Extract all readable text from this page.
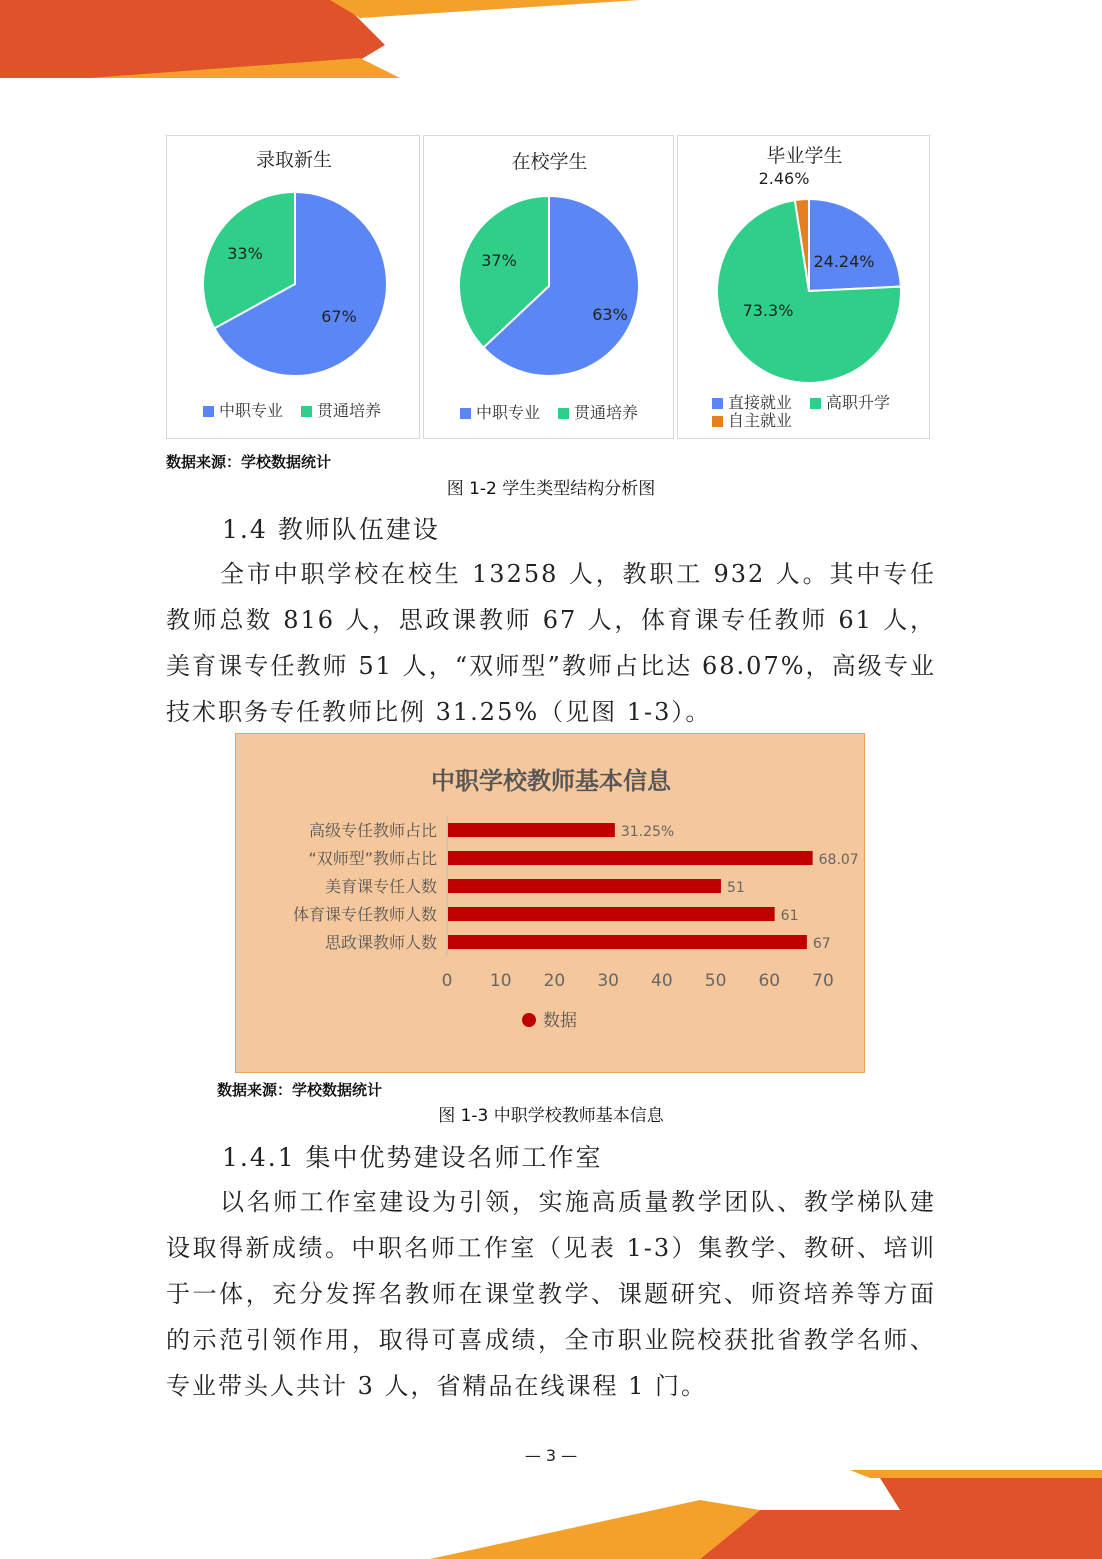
录取新生
67%
33%
中职专业 贯通培养
在校学生
63%
37%
中职专业 贯通培养
毕业学生
24.24%
73.3%
2.46%
直接就业 高职升学
自主就业
数据来源：学校数据统计
图 1-2 学生类型结构分析图
1.4 教师队伍建设

全市中职学校在校生 13258 人，教职工 932 人。其中专任教师总数 816 人，思政课教师 67 人，体育课专任教师 61 人，美育课专任教师 51 人，“双师型”教师占比达 68.07%，高级专业技术职务专任教师比例 31.25%（见图 1-3）。

中职学校教师基本信息
0 10 20 30 40 50 60 70
高级专任教师占比	31.25%
“双师型”教师占比	68.07
美育课专任人数	51
体育课专任教师人数	61
思政课教师人数	67
数据
数据来源：学校数据统计
图 1-3 中职学校教师基本信息
1.4.1 集中优势建设名师工作室

以名师工作室建设为引领，实施高质量教学团队、教学梯队建设取得新成绩。中职名师工作室（见表 1-3）集教学、教研、培训于一体，充分发挥名教师在课堂教学、课题研究、师资培养等方面的示范引领作用，取得可喜成绩，全市职业院校获批省教学名师、专业带头人共计 3 人，省精品在线课程 1 门。

— 3 —
